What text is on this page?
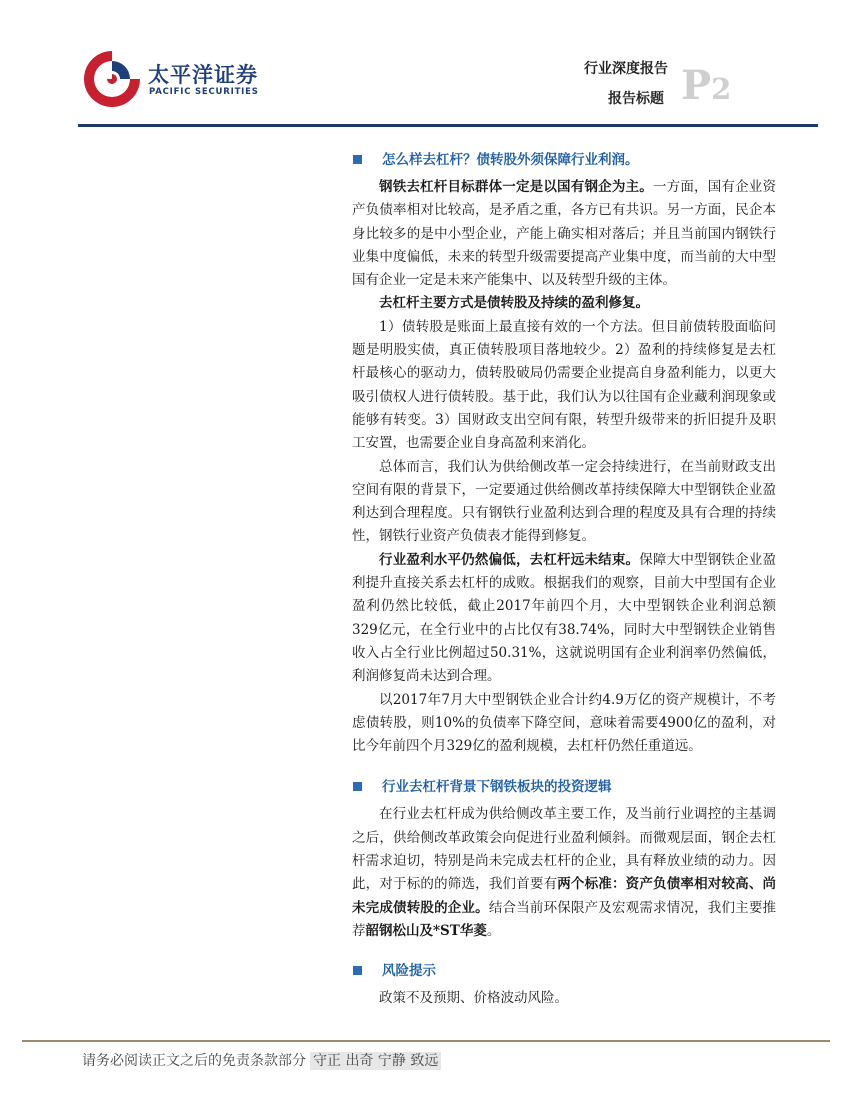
太平洋证券
PACIFIC SECURITIES
行业深度报告
报告标题 P2
怎么样去杠杆？债转股外须保障行业利润。

钢铁去杠杆目标群体一定是以国有钢企为主。一方面，国有企业资产负债率相对比较高，是矛盾之重，各方已有共识。另一方面，民企本身比较多的是中小型企业，产能上确实相对落后；并且当前国内钢铁行业集中度偏低，未来的转型升级需要提高产业集中度，而当前的大中型国有企业一定是未来产能集中、以及转型升级的主体。

去杠杆主要方式是债转股及持续的盈利修复。

1）债转股是账面上最直接有效的一个方法。但目前债转股面临问题是明股实债，真正债转股项目落地较少。2）盈利的持续修复是去杠杆最核心的驱动力，债转股破局仍需要企业提高自身盈利能力，以更大吸引债权人进行债转股。基于此，我们认为以往国有企业藏利润现象或能够有转变。3）国财政支出空间有限，转型升级带来的折旧提升及职工安置，也需要企业自身高盈利来消化。

总体而言，我们认为供给侧改革一定会持续进行，在当前财政支出空间有限的背景下，一定要通过供给侧改革持续保障大中型钢铁企业盈利达到合理程度。只有钢铁行业盈利达到合理的程度及具有合理的持续性，钢铁行业资产负债表才能得到修复。

行业盈利水平仍然偏低，去杠杆远未结束。保障大中型钢铁企业盈利提升直接关系去杠杆的成败。根据我们的观察，目前大中型国有企业盈利仍然比较低，截止2017年前四个月，大中型钢铁企业利润总额329亿元，在全行业中的占比仅有38.74%，同时大中型钢铁企业销售收入占全行业比例超过50.31%，这就说明国有企业利润率仍然偏低，利润修复尚未达到合理。

以2017年7月大中型钢铁企业合计约4.9万亿的资产规模计，不考虑债转股，则10%的负债率下降空间，意味着需要4900亿的盈利，对比今年前四个月329亿的盈利规模，去杠杆仍然任重道远。

行业去杠杆背景下钢铁板块的投资逻辑

在行业去杠杆成为供给侧改革主要工作，及当前行业调控的主基调之后，供给侧改革政策会向促进行业盈利倾斜。而微观层面，钢企去杠杆需求迫切，特别是尚未完成去杠杆的企业，具有释放业绩的动力。因此，对于标的的筛选，我们首要有两个标准：资产负债率相对较高、尚未完成债转股的企业。结合当前环保限产及宏观需求情况，我们主要推荐韶钢松山及*ST华菱。

风险提示

政策不及预期、价格波动风险。

请务必阅读正文之后的免责条款部分 守正 出奇 宁静 致远
